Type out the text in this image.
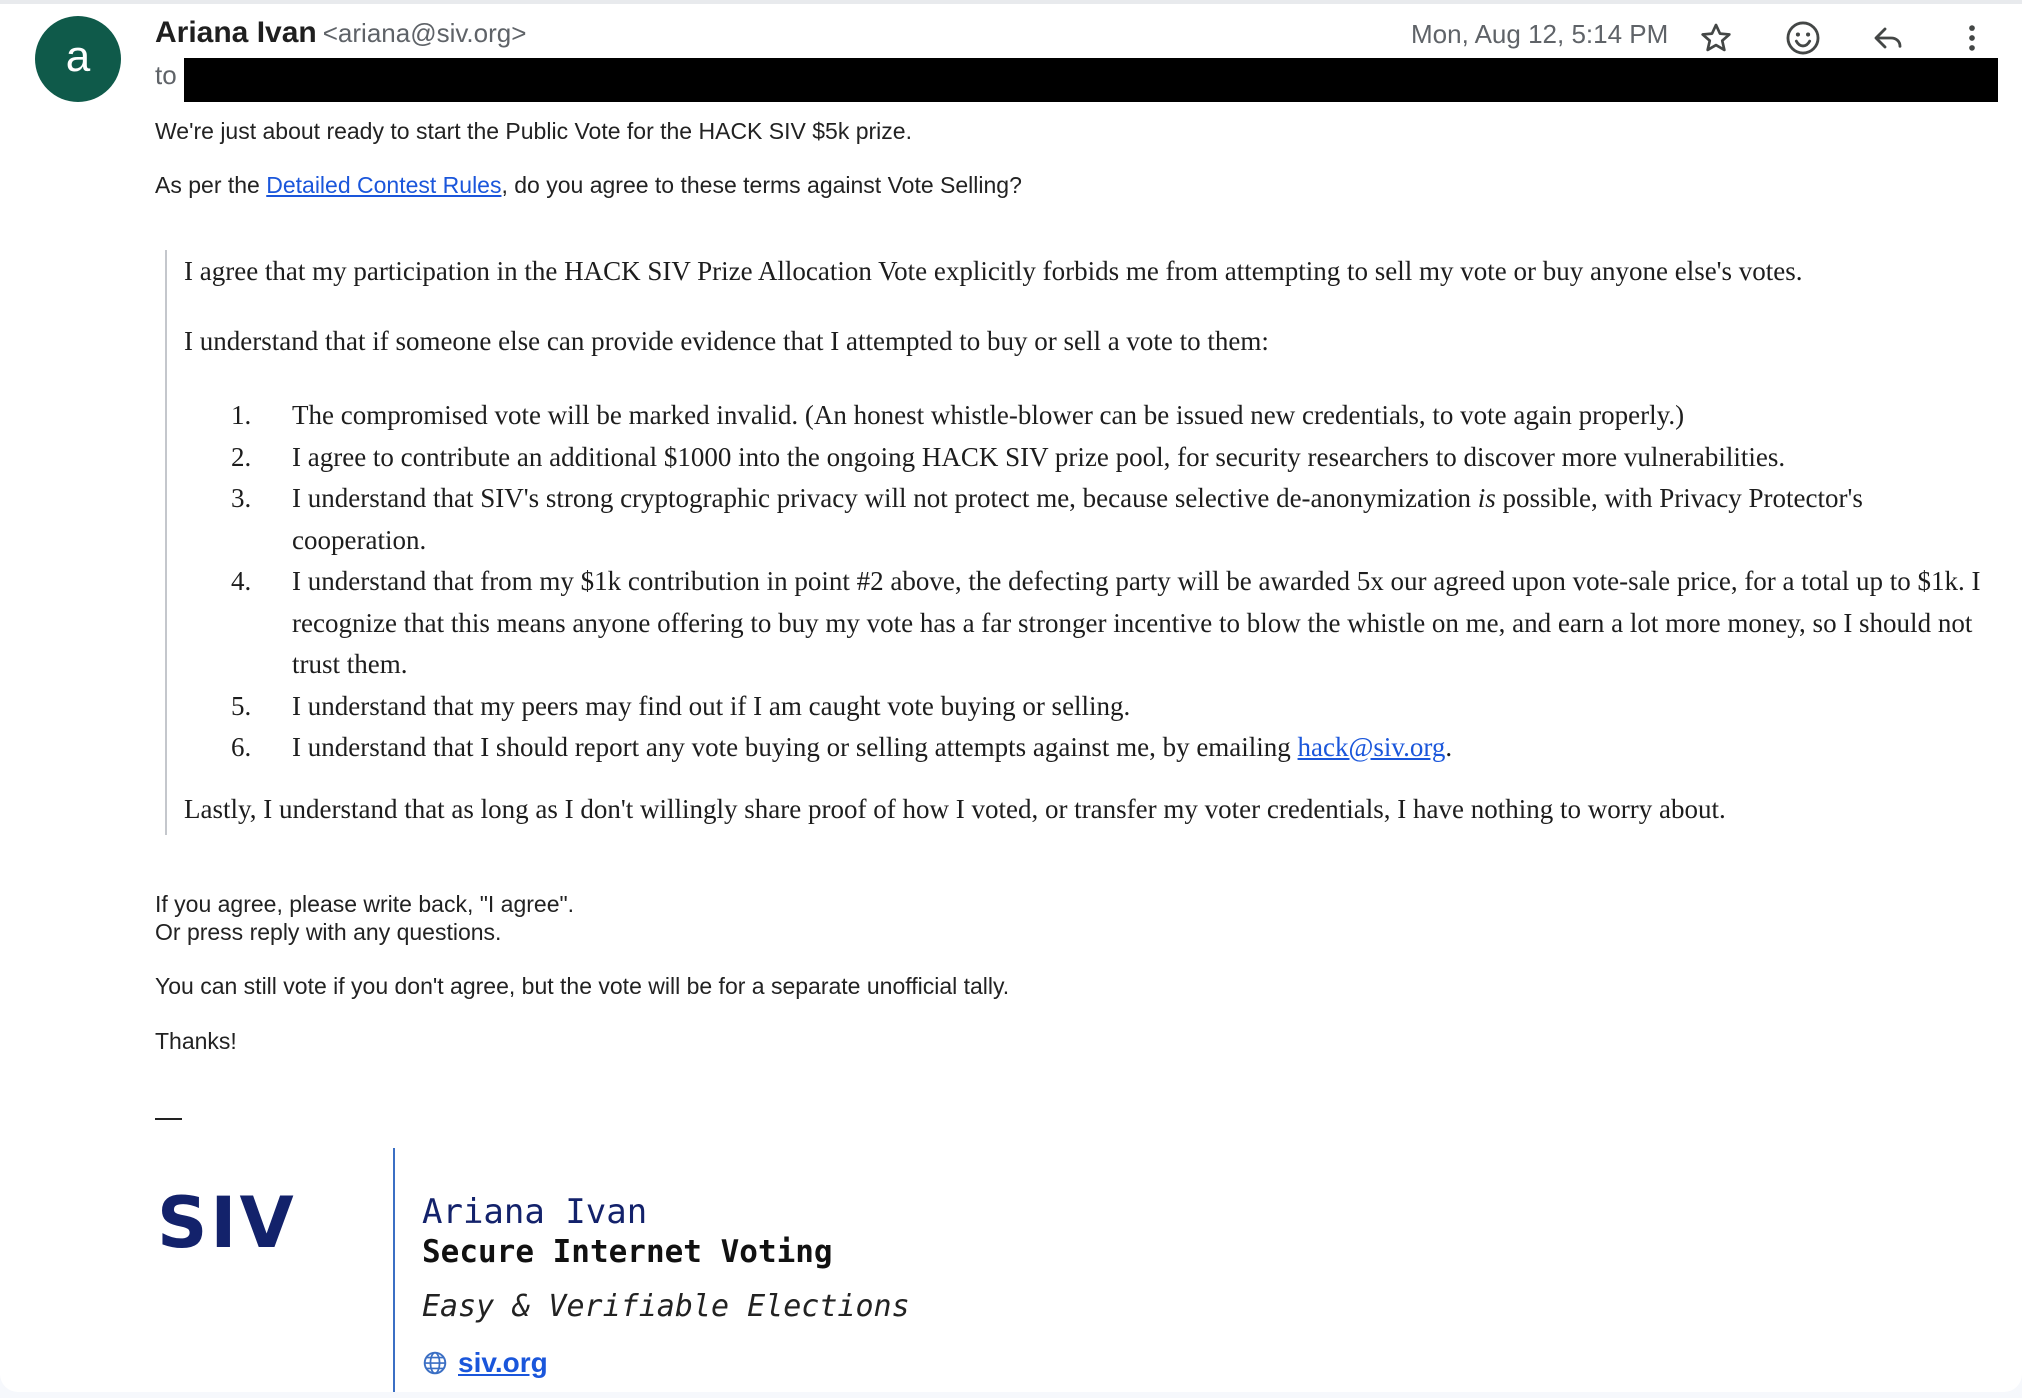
a	Ariana Ivan <ariana@siv.org>	Mon, Aug 12, 5:14 PM
to
We're just about ready to start the Public Vote for the HACK SIV $5k prize.
As per the Detailed Contest Rules, do you agree to these terms against Vote Selling?

I agree that my participation in the HACK SIV Prize Allocation Vote explicitly forbids me from attempting to sell my vote or buy anyone else's votes.

I understand that if someone else can provide evidence that I attempted to buy or sell a vote to them:

1.	The compromised vote will be marked invalid. (An honest whistle-blower can be issued new credentials, to vote again properly.)
2.	I agree to contribute an additional $1000 into the ongoing HACK SIV prize pool, for security researchers to discover more vulnerabilities.
3.	I understand that SIV's strong cryptographic privacy will not protect me, because selective de-anonymization is possible, with Privacy Protector's cooperation.
4.	I understand that from my $1k contribution in point #2 above, the defecting party will be awarded 5x our agreed upon vote-sale price, for a total up to $1k. I recognize that this means anyone offering to buy my vote has a far stronger incentive to blow the whistle on me, and earn a lot more money, so I should not trust them.
5.	I understand that my peers may find out if I am caught vote buying or selling.
6.	I understand that I should report any vote buying or selling attempts against me, by emailing hack@siv.org.

Lastly, I understand that as long as I don't willingly share proof of how I voted, or transfer my voter credentials, I have nothing to worry about.

If you agree, please write back, "I agree".
Or press reply with any questions.
You can still vote if you don't agree, but the vote will be for a separate unofficial tally.
Thanks!
SIV	Ariana Ivan
Secure Internet Voting
Easy & Verifiable Elections
siv.org
